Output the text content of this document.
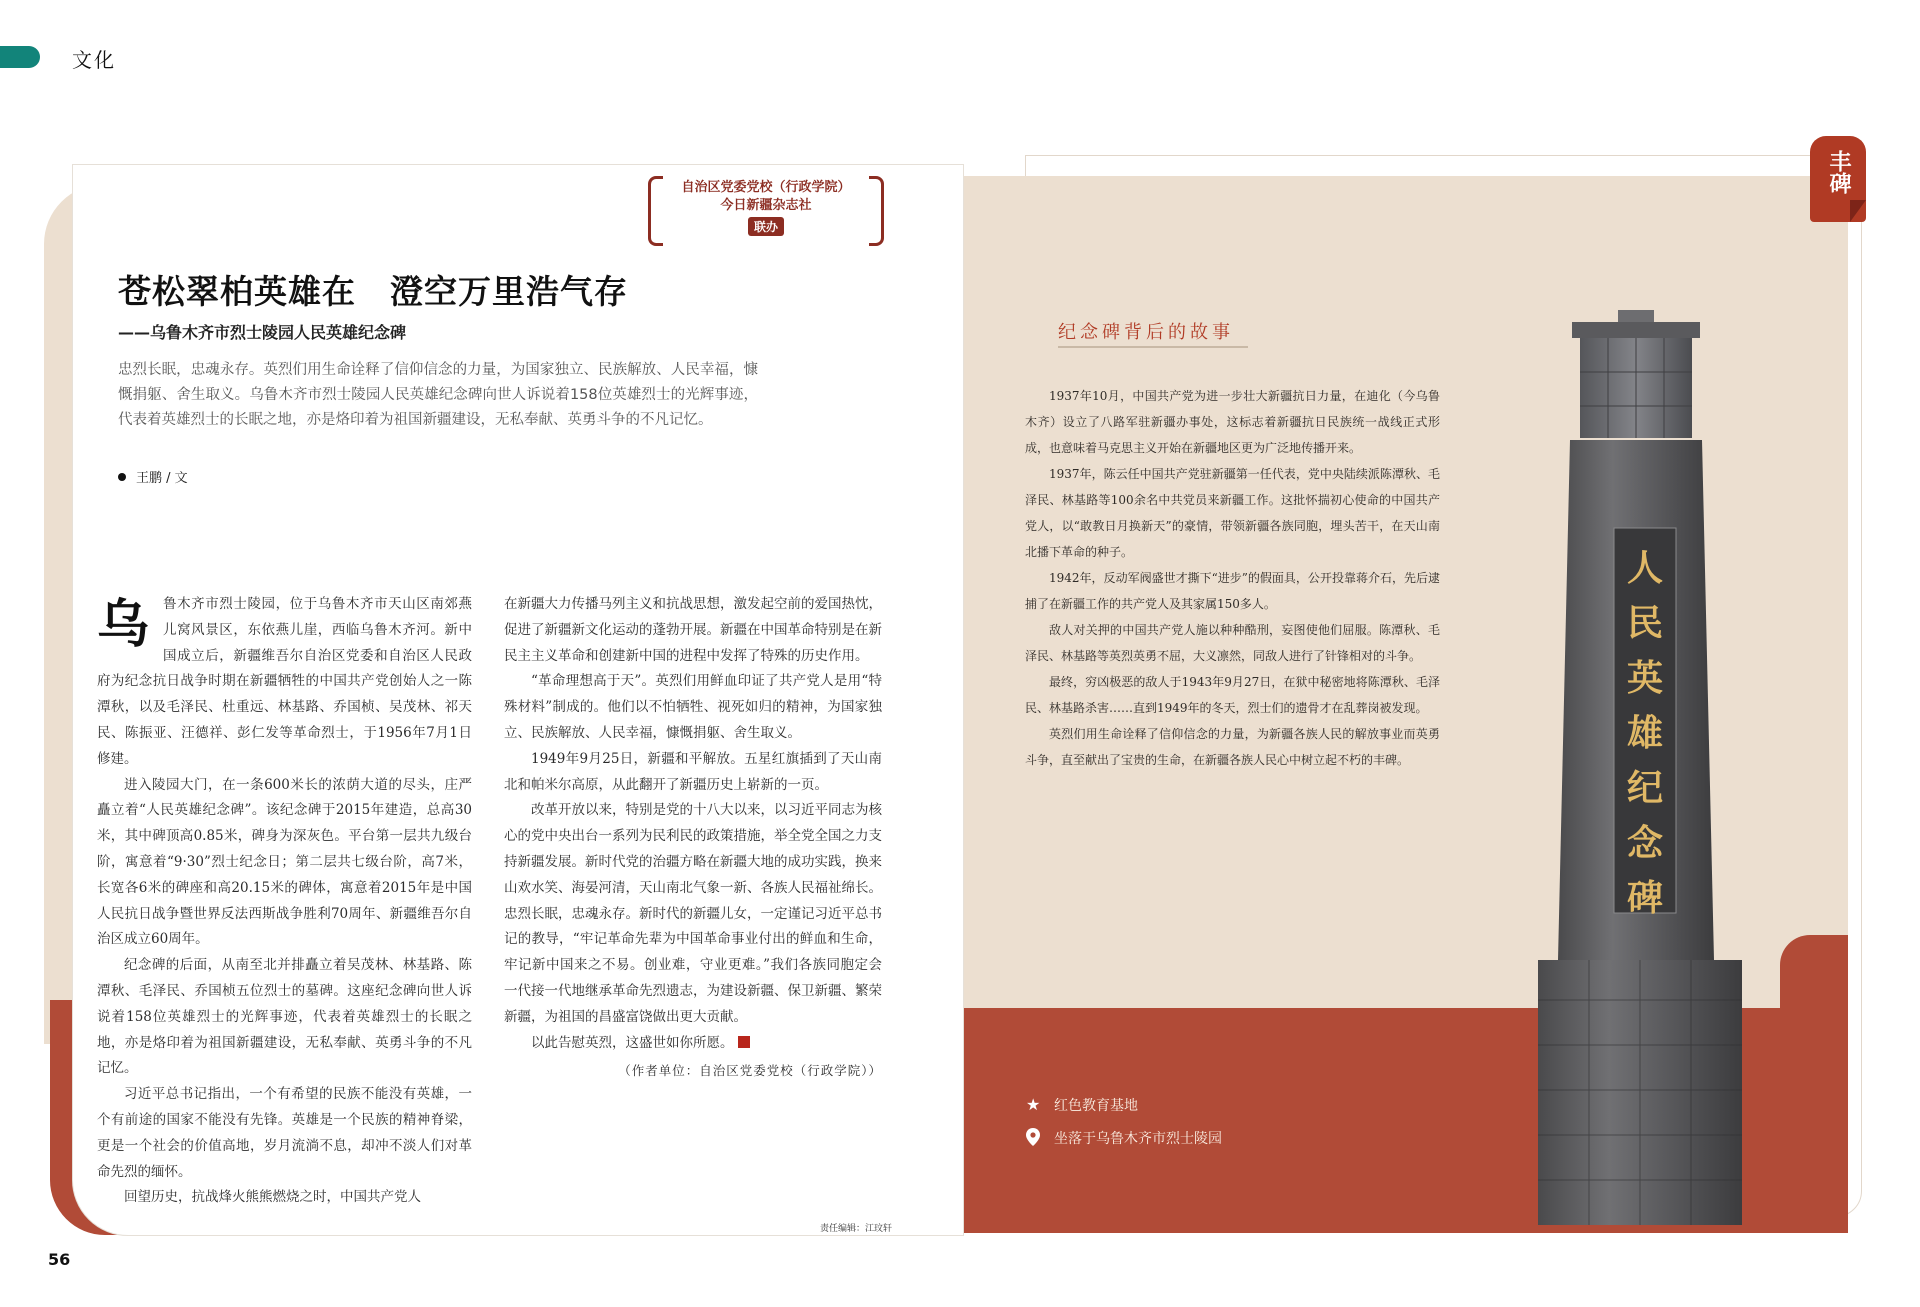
文化
丰碑
自治区党委党校（行政学院）
今日新疆杂志社
联办
苍松翠柏英雄在　澄空万里浩气存
——乌鲁木齐市烈士陵园人民英雄纪念碑
忠烈长眠，忠魂永存。英烈们用生命诠释了信仰信念的力量，为国家独立、民族解放、人民幸福，慷慨捐躯、舍生取义。乌鲁木齐市烈士陵园人民英雄纪念碑向世人诉说着158位英雄烈士的光辉事迹，代表着英雄烈士的长眠之地，亦是烙印着为祖国新疆建设，无私奉献、英勇斗争的不凡记忆。
王鹏 / 文
乌	鲁木齐市烈士陵园，位于乌鲁木齐市天山区南郊燕儿窝风景区，东依燕儿崖，西临乌鲁木齐河。新中国成立后，新疆维吾尔自治区党委和自治区人民政府为纪念抗日战争时期在新疆牺牲的中国共产党创始人之一陈潭秋，以及毛泽民、杜重远、林基路、乔国桢、吴茂林、祁天民、陈振亚、汪德祥、彭仁发等革命烈士，于1956年7月1日修建。

进入陵园大门，在一条600米长的浓荫大道的尽头，庄严矗立着“人民英雄纪念碑”。该纪念碑于2015年建造，总高30米，其中碑顶高0.85米，碑身为深灰色。平台第一层共九级台阶，寓意着“9·30”烈士纪念日；第二层共七级台阶，高7米，长宽各6米的碑座和高20.15米的碑体，寓意着2015年是中国人民抗日战争暨世界反法西斯战争胜利70周年、新疆维吾尔自治区成立60周年。

纪念碑的后面，从南至北并排矗立着吴茂林、林基路、陈潭秋、毛泽民、乔国桢五位烈士的墓碑。这座纪念碑向世人诉说着158位英雄烈士的光辉事迹，代表着英雄烈士的长眠之地，亦是烙印着为祖国新疆建设，无私奉献、英勇斗争的不凡记忆。

习近平总书记指出，一个有希望的民族不能没有英雄，一个有前途的国家不能没有先锋。英雄是一个民族的精神脊梁，更是一个社会的价值高地，岁月流淌不息，却冲不淡人们对革命先烈的缅怀。

回望历史，抗战烽火熊熊燃烧之时，中国共产党人

在新疆大力传播马列主义和抗战思想，激发起空前的爱国热忱，促进了新疆新文化运动的蓬勃开展。新疆在中国革命特别是在新民主主义革命和创建新中国的进程中发挥了特殊的历史作用。

“革命理想高于天”。英烈们用鲜血印证了共产党人是用“特殊材料”制成的。他们以不怕牺牲、视死如归的精神，为国家独立、民族解放、人民幸福，慷慨捐躯、舍生取义。

1949年9月25日，新疆和平解放。五星红旗插到了天山南北和帕米尔高原，从此翻开了新疆历史上崭新的一页。

改革开放以来，特别是党的十八大以来，以习近平同志为核心的党中央出台一系列为民利民的政策措施，举全党全国之力支持新疆发展。新时代党的治疆方略在新疆大地的成功实践，换来山欢水笑、海晏河清，天山南北气象一新、各族人民福祉绵长。忠烈长眠，忠魂永存。新时代的新疆儿女，一定谨记习近平总书记的教导，“牢记革命先辈为中国革命事业付出的鲜血和生命，牢记新中国来之不易。创业难，守业更难。”我们各族同胞定会一代接一代地继承革命先烈遗志，为建设新疆、保卫新疆、繁荣新疆，为祖国的昌盛富饶做出更大贡献。

以此告慰英烈，这盛世如你所愿。

（作者单位：自治区党委党校（行政学院））
责任编辑：江玟轩
56
纪念碑背后的故事

1937年10月，中国共产党为进一步壮大新疆抗日力量，在迪化（今乌鲁木齐）设立了八路军驻新疆办事处，这标志着新疆抗日民族统一战线正式形成，也意味着马克思主义开始在新疆地区更为广泛地传播开来。

1937年，陈云任中国共产党驻新疆第一任代表，党中央陆续派陈潭秋、毛泽民、林基路等100余名中共党员来新疆工作。这批怀揣初心使命的中国共产党人，以“敢教日月换新天”的豪情，带领新疆各族同胞，埋头苦干，在天山南北播下革命的种子。

1942年，反动军阀盛世才撕下“进步”的假面具，公开投靠蒋介石，先后逮捕了在新疆工作的共产党人及其家属150多人。

敌人对关押的中国共产党人施以种种酷刑，妄图使他们屈服。陈潭秋、毛泽民、林基路等英烈英勇不屈，大义凛然，同敌人进行了针锋相对的斗争。

最终，穷凶极恶的敌人于1943年9月27日，在狱中秘密地将陈潭秋、毛泽民、林基路杀害……直到1949年的冬天，烈士们的遗骨才在乱葬岗被发现。

英烈们用生命诠释了信仰信念的力量，为新疆各族人民的解放事业而英勇斗争，直至献出了宝贵的生命，在新疆各族人民心中树立起不朽的丰碑。

人
民
英
雄
纪
念
碑
★ 红色教育基地
坐落于乌鲁木齐市烈士陵园
